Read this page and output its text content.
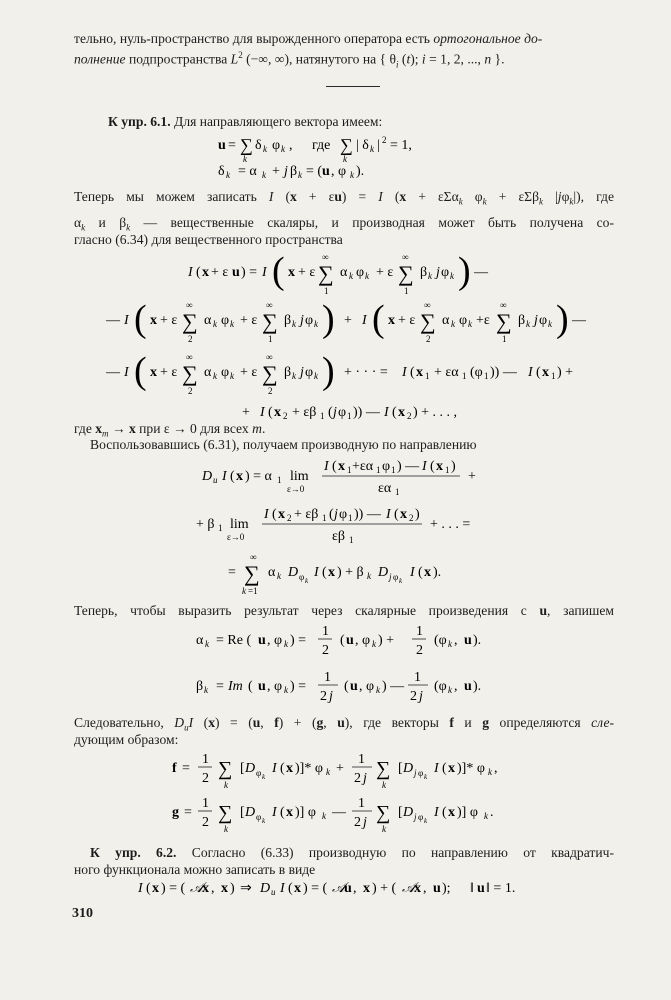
тельно, нуль-пространство для вырожденного оператора есть ортогональное до-
полнение подпространства $L^2$ (−∞, ∞), натянутого на { $\theta_i$ (t); i = 1, 2, ..., n }.
К упр. 6.1. Для направляющего вектора имеем:
u = ∑
k
δ k φ k , где ∑
k
| δ k | 2 = 1,
δ k = α k + j β k = ( u , φ k ).
Теперь мы можем записать I (x + εu) = I (x + εΣα$_k$ $\varphi_k + \varepsilon\Sigma\beta_k$ $|j\varphi_k|$), где
$\alpha_k$ и $\beta_k$ — вещественные скаляры, и производная может быть получена со-
гласно (6.34) для вещественного пространства
I ( x + ε u ) = I ( x + ε
∞
∑
1
α k φ k + ε
∞
∑
1
β k j φ k ) —
— I ( x + ε
∞
∑
2
α k φ k + ε
∞
∑
1
β k j φ k ) + I ( x + ε
∞
∑
2
α k φ k +ε
∞
∑
1
β k j φ k ) —
— I ( x + ε
∞
∑
2
α k φ k + ε
∞
∑
2
β k j φ k ) + · · · = I ( x 1 + εα 1 (φ 1 )) — I ( x 1 ) +
+ I ( x 2 + εβ 1 ( j φ 1 )) — I ( x 2 ) + . . . ,
где $x_m \to x$ при ε → 0 для всех m.
Воспользовавшись (6.31), получаем производную по направлению
D u I ( x ) = α 1 lim
ε→0
I ( x 1 +εα 1 φ 1 ) — I ( x 1 )
εα 1
+
+ β 1 lim
ε→0
I ( x 2 + εβ 1 ( j φ 1 )) — I ( x 2 )
εβ 1
+ . . . =
=
∞
∑
k =1
α k D φ k
I ( x ) + β k D j φ k
I ( x ).
Теперь, чтобы выразить результат через скалярные произведения с u, запишем
α k = Re ( u , φ k ) =
1
2
( u , φ k ) +
1
2
(φ k , u ).
β k = Im ( u , φ k ) =
1
2 j
( u , φ k ) —
1
2 j
(φ k , u ).
Следовательно, $D_uI$ (x) = (u, f) + (g, u), где векторы f и g определяются сле-
дующим образом:
f =
1
2 ∑
k
[ D φ k
I ( x )]* φ k +
1
2 j ∑
k
[ D j φ k
I ( x )]* φ k ,
g =
1
2 ∑
k
[ D φ k
I ( x )] φ k —
1
2 j ∑
k
[ D j φ k
I ( x )] φ k .
К упр. 6.2. Согласно (6.33) производную по направлению от квадратич-
ного функционала можно записать в виде
I ( x ) = ( 𝒜
x , x ) ⇒ D u I ( x ) = ( 𝒜
u , x ) + ( 𝒜
x , u ); ‖ u ‖ = 1.
310
